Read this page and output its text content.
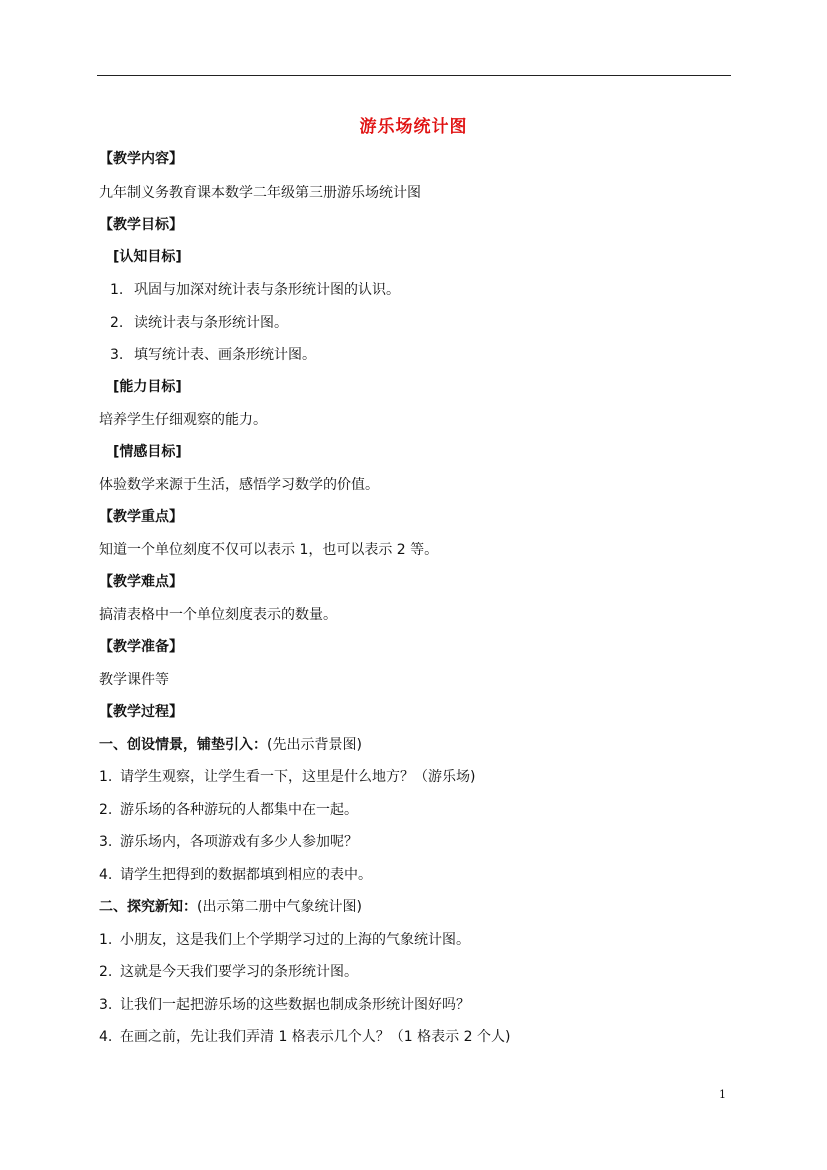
游乐场统计图
【教学内容】
九年制义务教育课本数学二年级第三册游乐场统计图
【教学目标】
[认知目标]
1. 巩固与加深对统计表与条形统计图的认识。
2. 读统计表与条形统计图。
3. 填写统计表、画条形统计图。
[能力目标]
培养学生仔细观察的能力。
[情感目标]
体验数学来源于生活，感悟学习数学的价值。
【教学重点】
知道一个单位刻度不仅可以表示 1，也可以表示 2 等。
【教学难点】
搞清表格中一个单位刻度表示的数量。
【教学准备】
教学课件等
【教学过程】
一、创设情景，铺垫引入：(先出示背景图)
1. 请学生观察，让学生看一下，这里是什么地方？（游乐场)
2. 游乐场的各种游玩的人都集中在一起。
3. 游乐场内，各项游戏有多少人参加呢？
4. 请学生把得到的数据都填到相应的表中。
二、探究新知：(出示第二册中气象统计图)
1. 小朋友，这是我们上个学期学习过的上海的气象统计图。
2. 这就是今天我们要学习的条形统计图。
3. 让我们一起把游乐场的这些数据也制成条形统计图好吗？
4. 在画之前，先让我们弄清 1 格表示几个人？（1 格表示 2 个人)
1
